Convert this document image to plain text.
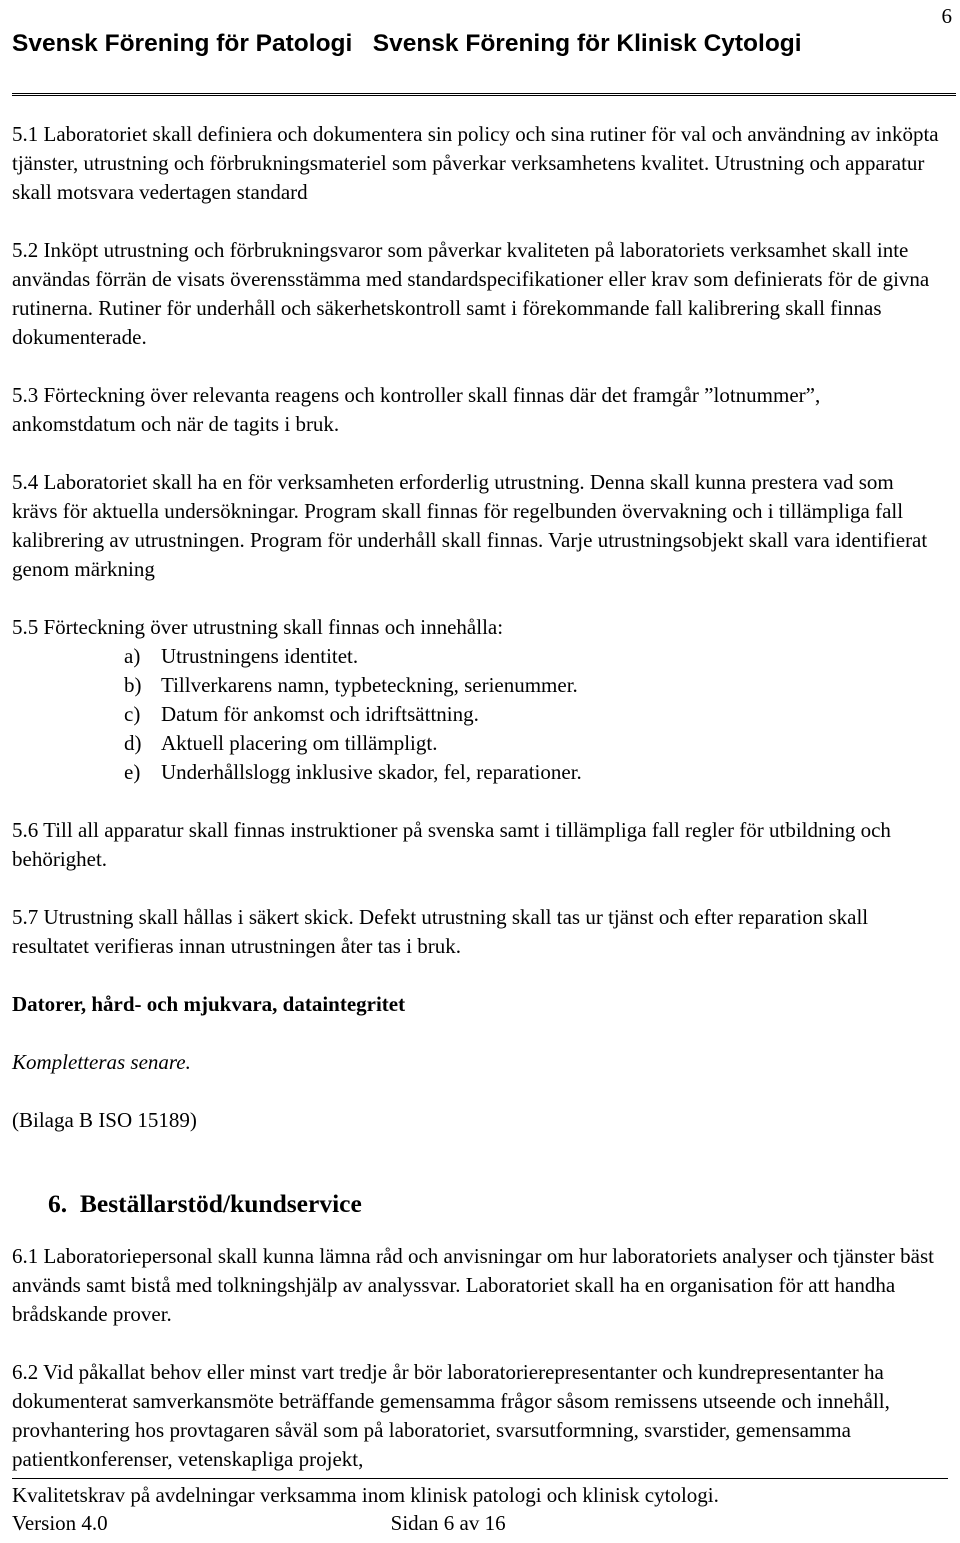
6
Svensk Förening för Patologi   Svensk Förening för Klinisk Cytologi

5.1 Laboratoriet skall definiera och dokumentera sin policy och sina rutiner för val och användning av inköpta tjänster, utrustning och förbrukningsmateriel som påverkar verksamhetens kvalitet. Utrustning och apparatur skall motsvara vedertagen standard

5.2 Inköpt utrustning och förbrukningsvaror som påverkar kvaliteten på laboratoriets verksamhet skall inte användas förrän de visats överensstämma med standardspecifikationer eller krav som definierats för de givna rutinerna. Rutiner för underhåll och säkerhetskontroll samt i förekommande fall kalibrering skall finnas dokumenterade.

5.3 Förteckning över relevanta reagens och kontroller skall finnas där det framgår ”lotnummer”, ankomstdatum och när de tagits i bruk.

5.4 Laboratoriet skall ha en för verksamheten erforderlig utrustning. Denna skall kunna prestera vad som krävs för aktuella undersökningar. Program skall finnas för regelbunden övervakning och i tillämpliga fall kalibrering av utrustningen. Program för underhåll skall finnas. Varje utrustningsobjekt skall vara identifierat genom märkning

5.5 Förteckning över utrustning skall finnas och innehålla:

a) Utrustningens identitet.
b) Tillverkarens namn, typbeteckning, serienummer.
c) Datum för ankomst och idriftsättning.
d) Aktuell placering om tillämpligt.
e) Underhållslogg inklusive skador, fel, reparationer.

5.6 Till all apparatur skall finnas instruktioner på svenska samt i tillämpliga fall regler för utbildning och behörighet.

5.7 Utrustning skall hållas i säkert skick. Defekt utrustning skall tas ur tjänst och efter reparation skall resultatet verifieras innan utrustningen åter tas i bruk.

Datorer, hård- och mjukvara, dataintegritet

Kompletteras senare.

(Bilaga B ISO 15189)

6.  Beställarstöd/kundservice

6.1 Laboratoriepersonal skall kunna lämna råd och anvisningar om hur laboratoriets analyser och tjänster bäst används samt bistå med tolkningshjälp av analyssvar. Laboratoriet skall ha en organisation för att handha brådskande prover.

6.2 Vid påkallat behov eller minst vart tredje år bör laboratorierepresentanter och kundrepresentanter ha dokumenterat samverkansmöte beträffande gemensamma frågor såsom remissens utseende och innehåll, provhantering hos provtagaren såväl som på laboratoriet, svarsutformning, svarstider, gemensamma patientkonferenser, vetenskapliga projekt,

Kvalitetskrav på avdelningar verksamma inom klinisk patologi och klinisk cytologi.

Version 4.0	Sidan 6 av 16
